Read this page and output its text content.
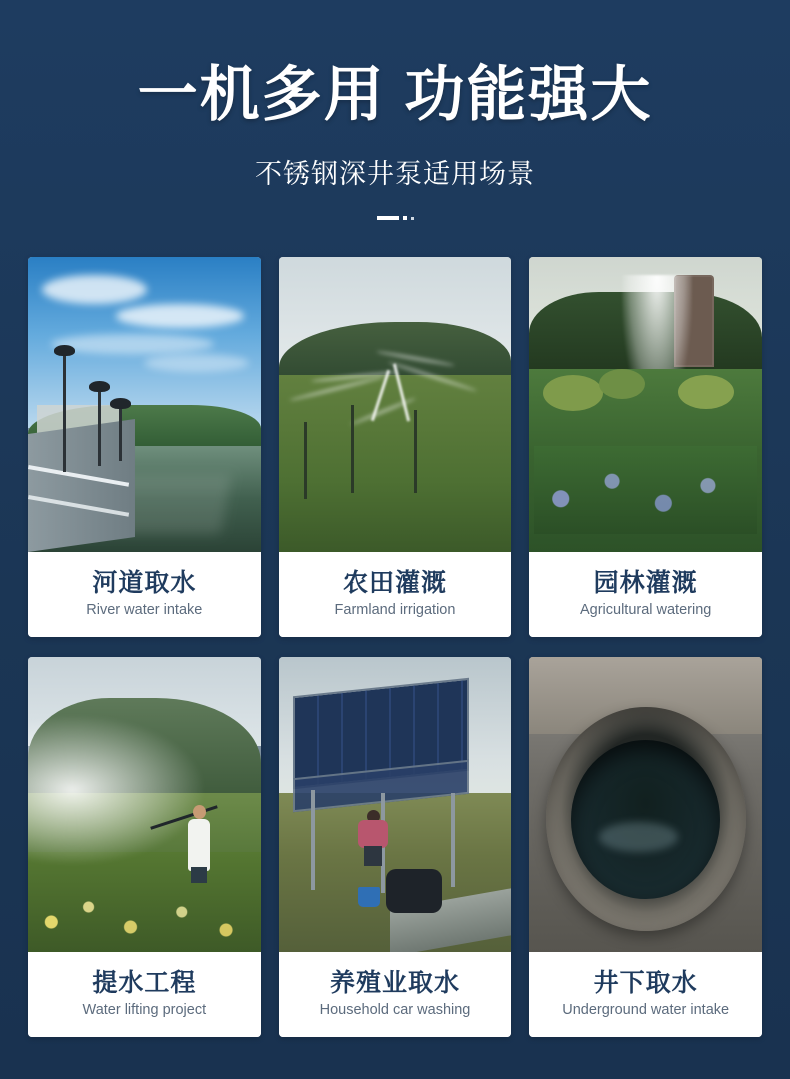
一机多用 功能强大
不锈钢深井泵适用场景
河道取水
River water intake
农田灌溉
Farmland irrigation
园林灌溉
Agricultural watering
提水工程
Water lifting project
养殖业取水
Household car washing
井下取水
Underground water intake
